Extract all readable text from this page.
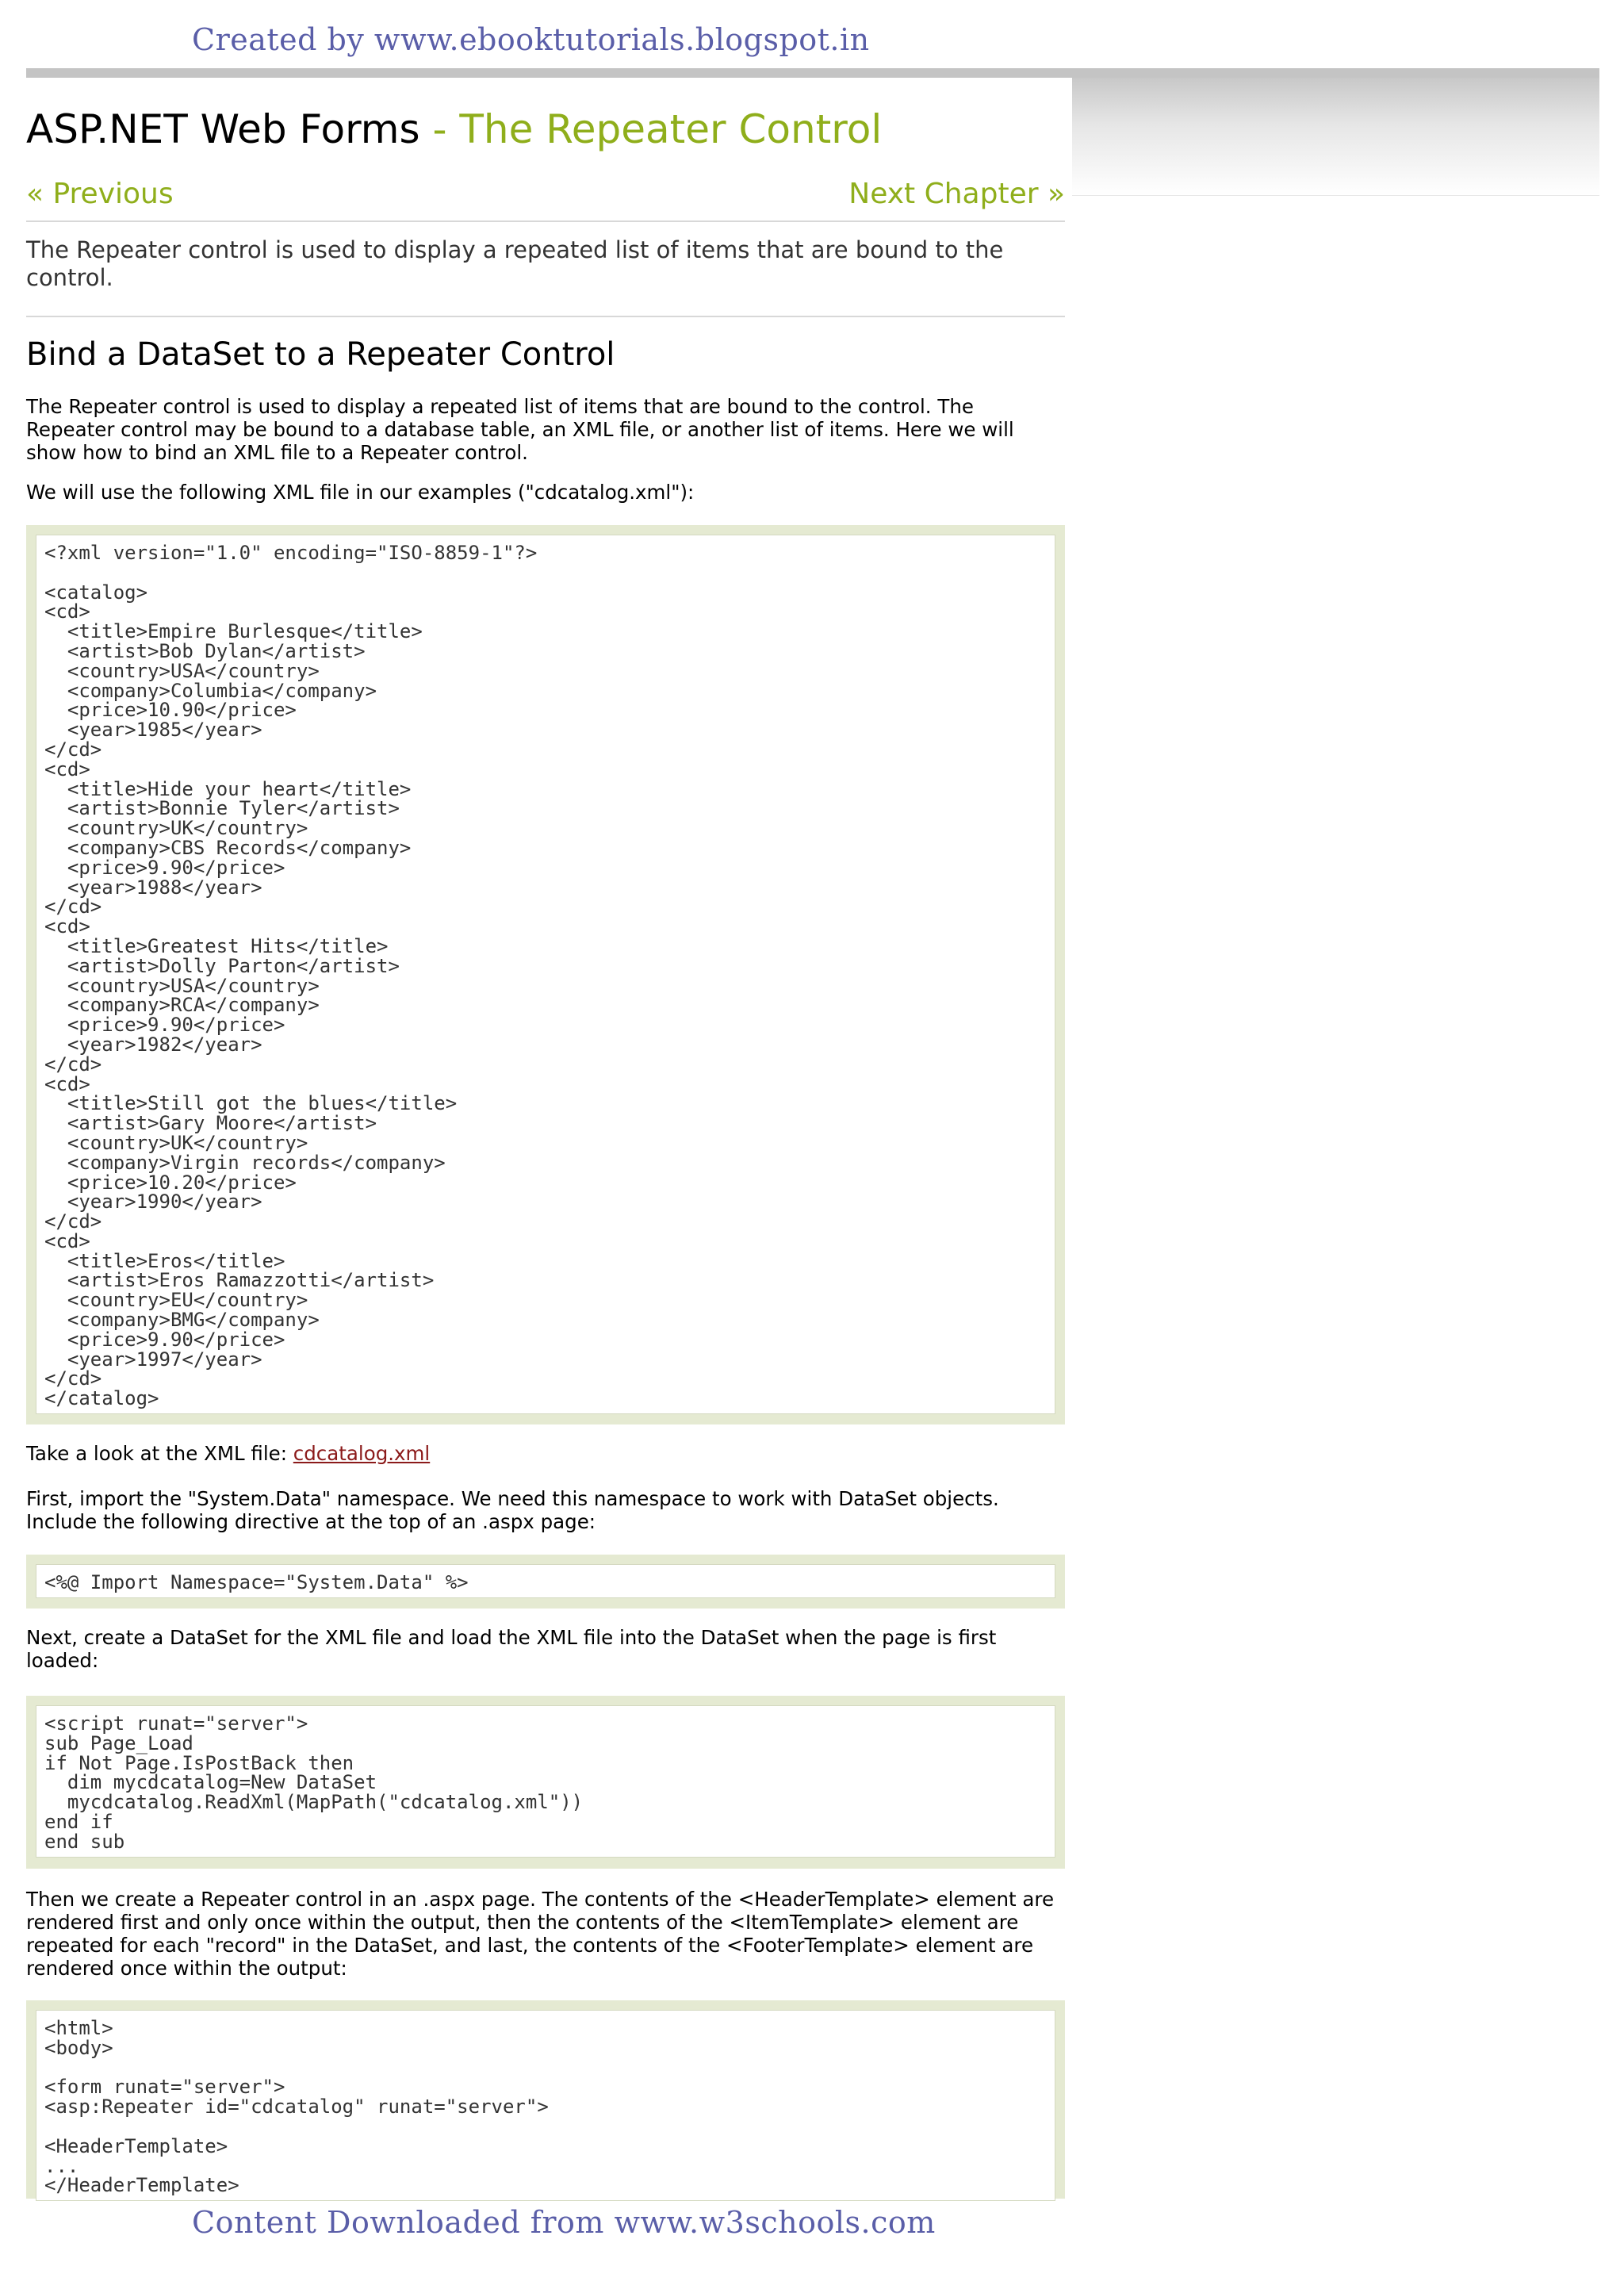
Created by www.ebooktutorials.blogspot.in

ASP.NET Web Forms - The Repeater Control
« Previous	Next Chapter »

The Repeater control is used to display a repeated list of items that are bound to the control.

Bind a DataSet to a Repeater Control

The Repeater control is used to display a repeated list of items that are bound to the control. The Repeater control may be bound to a database table, an XML file, or another list of items. Here we will show how to bind an XML file to a Repeater control.

We will use the following XML file in our examples ("cdcatalog.xml"):

<?xml version="1.0" encoding="ISO-8859-1"?>

<catalog>
<cd>
<title>Empire Burlesque</title>
<artist>Bob Dylan</artist>
<country>USA</country>
<company>Columbia</company>
<price>10.90</price>
<year>1985</year>
</cd>
<cd>
<title>Hide your heart</title>
<artist>Bonnie Tyler</artist>
<country>UK</country>
<company>CBS Records</company>
<price>9.90</price>
<year>1988</year>
</cd>
<cd>
<title>Greatest Hits</title>
<artist>Dolly Parton</artist>
<country>USA</country>
<company>RCA</company>
<price>9.90</price>
<year>1982</year>
</cd>
<cd>
<title>Still got the blues</title>
<artist>Gary Moore</artist>
<country>UK</country>
<company>Virgin records</company>
<price>10.20</price>
<year>1990</year>
</cd>
<cd>
<title>Eros</title>
<artist>Eros Ramazzotti</artist>
<country>EU</country>
<company>BMG</company>
<price>9.90</price>
<year>1997</year>
</cd>
</catalog>

Take a look at the XML file: cdcatalog.xml

First, import the "System.Data" namespace. We need this namespace to work with DataSet objects. Include the following directive at the top of an .aspx page:

<%@ Import Namespace="System.Data" %>

Next, create a DataSet for the XML file and load the XML file into the DataSet when the page is first loaded:

<script runat="server">
sub Page_Load
if Not Page.IsPostBack then
dim mycdcatalog=New DataSet
mycdcatalog.ReadXml(MapPath("cdcatalog.xml"))
end if
end sub

Then we create a Repeater control in an .aspx page. The contents of the <HeaderTemplate> element are rendered first and only once within the output, then the contents of the <ItemTemplate> element are repeated for each "record" in the DataSet, and last, the contents of the <FooterTemplate> element are rendered once within the output:

<html>
<body>

<form runat="server">
<asp:Repeater id="cdcatalog" runat="server">

<HeaderTemplate>
...
</HeaderTemplate>

Content Downloaded from www.w3schools.com
